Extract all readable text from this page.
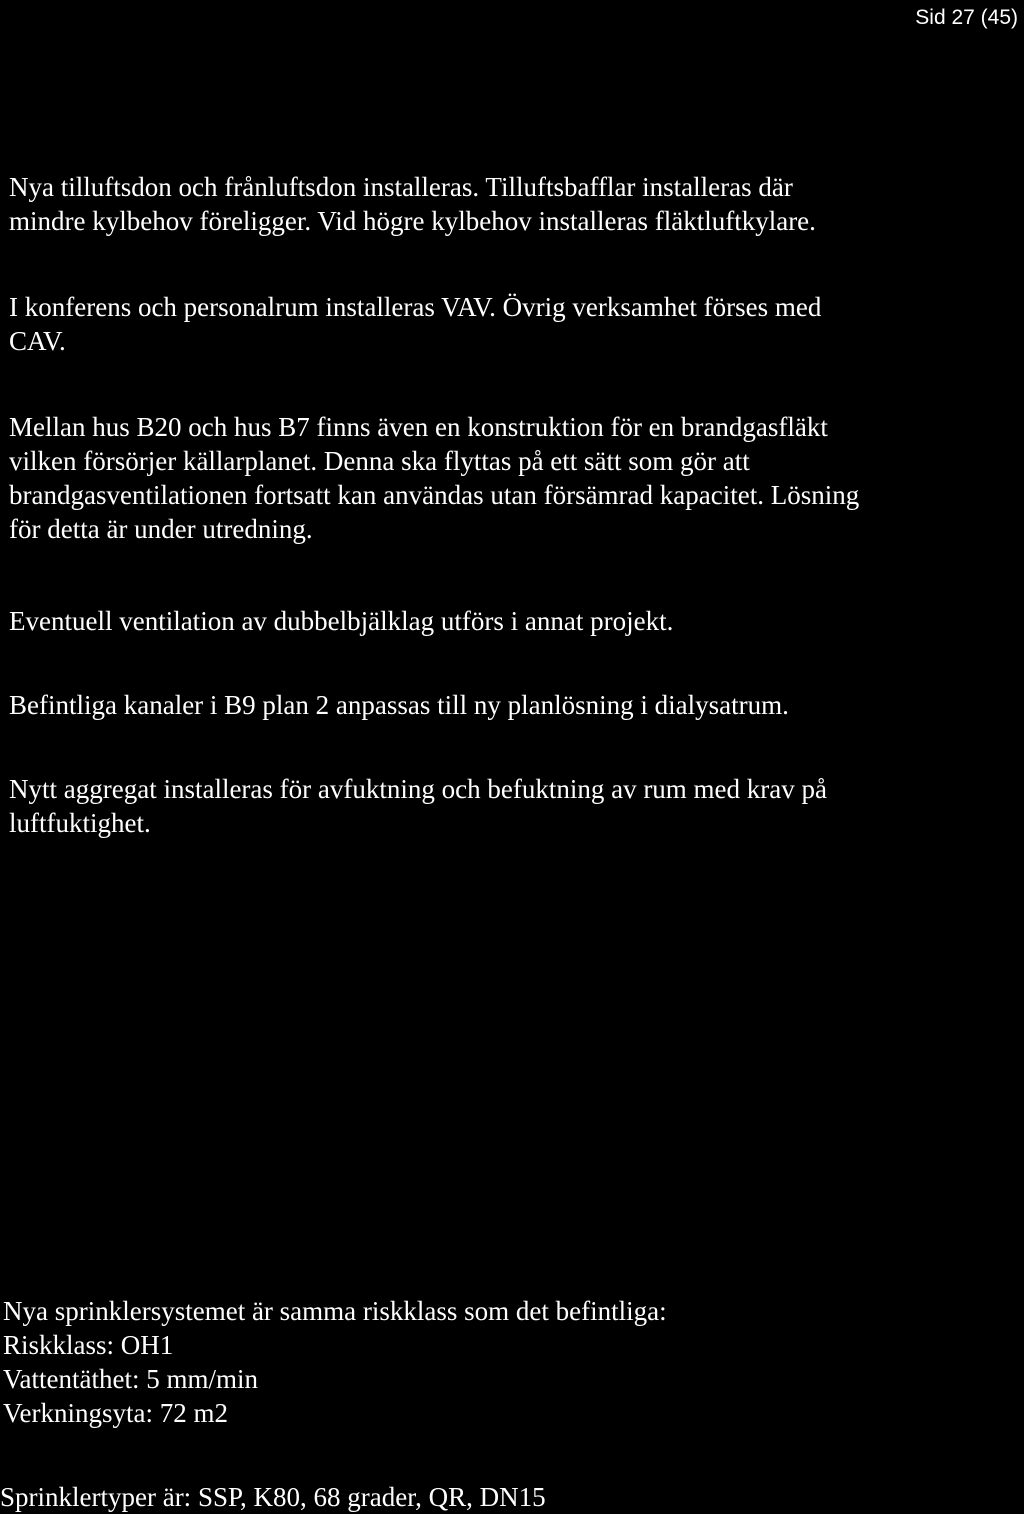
Sid 27 (45)

Nya tilluftsdon och frånluftsdon installeras. Tilluftsbafflar installeras där
mindre kylbehov föreligger. Vid högre kylbehov installeras fläktluftkylare.

I konferens och personalrum installeras VAV. Övrig verksamhet förses med
CAV.

Mellan hus B20 och hus B7 finns även en konstruktion för en brandgasfläkt
vilken försörjer källarplanet. Denna ska flyttas på ett sätt som gör att
brandgasventilationen fortsatt kan användas utan försämrad kapacitet. Lösning
för detta är under utredning.

Eventuell ventilation av dubbelbjälklag utförs i annat projekt.

Befintliga kanaler i B9 plan 2 anpassas till ny planlösning i dialysatrum.

Nytt aggregat installeras för avfuktning och befuktning av rum med krav på
luftfuktighet.

Nya sprinklersystemet är samma riskklass som det befintliga:
Riskklass: OH1
Vattentäthet: 5 mm/min
Verkningsyta: 72 m2

Sprinklertyper är: SSP, K80, 68 grader, QR, DN15
